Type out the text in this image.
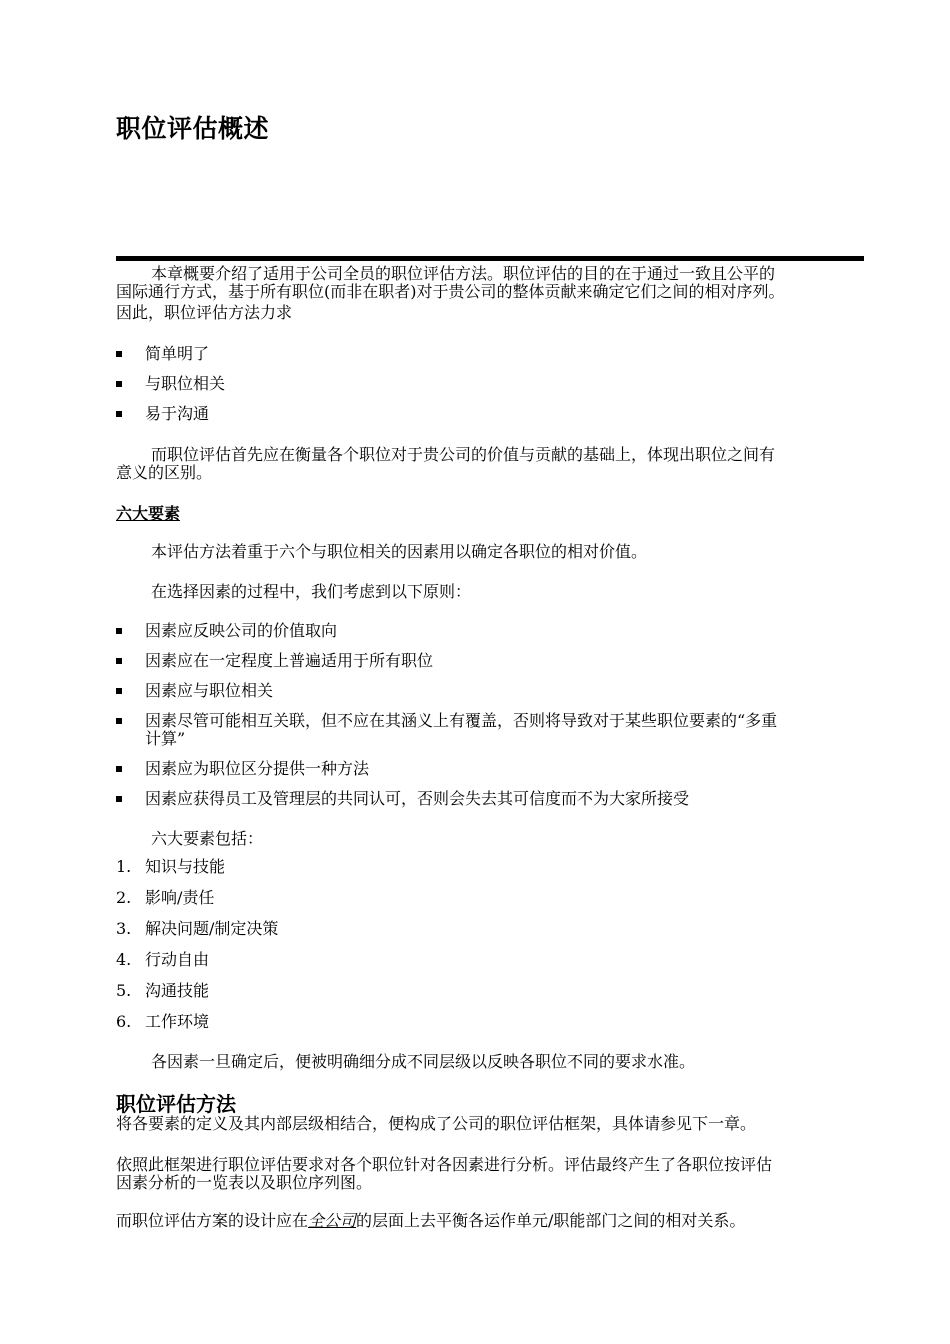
职位评估概述
本章概要介绍了适用于公司全员的职位评估方法。职位评估的目的在于通过一致且公平的
国际通行方式，基于所有职位(而非在职者)对于贵公司的整体贡献来确定它们之间的相对序列。
因此，职位评估方法力求
简单明了
与职位相关
易于沟通
而职位评估首先应在衡量各个职位对于贵公司的价值与贡献的基础上，体现出职位之间有
意义的区别。
六大要素
本评估方法着重于六个与职位相关的因素用以确定各职位的相对价值。
在选择因素的过程中，我们考虑到以下原则：
因素应反映公司的价值取向
因素应在一定程度上普遍适用于所有职位
因素应与职位相关
因素尽管可能相互关联，但不应在其涵义上有覆盖，否则将导致对于某些职位要素的“多重
计算”
因素应为职位区分提供一种方法
因素应获得员工及管理层的共同认可，否则会失去其可信度而不为大家所接受
六大要素包括：
1. 知识与技能
2. 影响/责任
3. 解决问题/制定决策
4. 行动自由
5. 沟通技能
6. 工作环境
各因素一旦确定后，便被明确细分成不同层级以反映各职位不同的要求水准。
职位评估方法
将各要素的定义及其内部层级相结合，便构成了公司的职位评估框架，具体请参见下一章。
依照此框架进行职位评估要求对各个职位针对各因素进行分析。评估最终产生了各职位按评估
因素分析的一览表以及职位序列图。
而职位评估方案的设计应在全公司的层面上去平衡各运作单元/职能部门之间的相对关系。
